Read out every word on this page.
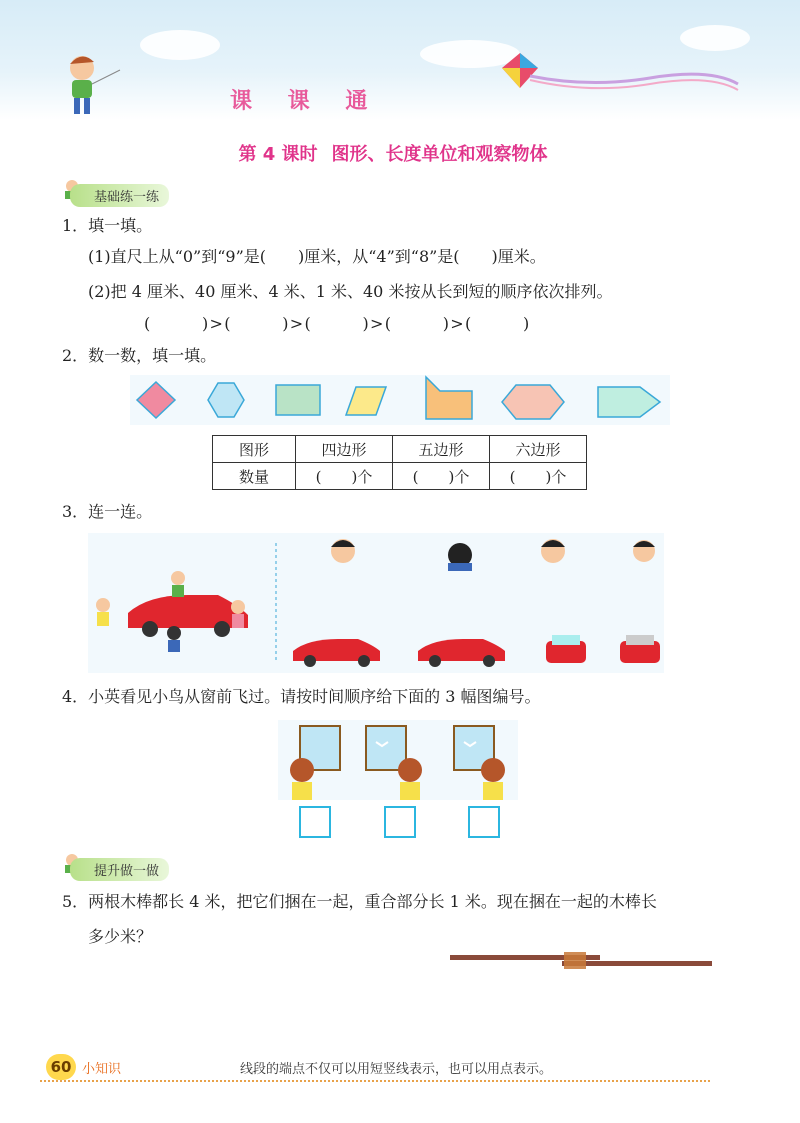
课 课 通
第 4 课时 图形、长度单位和观察物体
基础练一练
1．填一填。
(1)直尺上从“0”到“9”是(　　)厘米，从“4”到“8”是(　　)厘米。
(2)把 4 厘米、40 厘米、4 米、1 米、40 米按从长到短的顺序依次排列。
(	)>(	)>(	)>(	)>(	)
2．数一数，填一填。
图形	四边形	五边形	六边形
数量	(　　)个	(　　)个	(　　)个
3．连一连。
4．小英看见小鸟从窗前飞过。请按时间顺序给下面的 3 幅图编号。
提升做一做
5．两根木棒都长 4 米，把它们捆在一起，重合部分长 1 米。现在捆在一起的木棒长
多少米？
60 小知识	线段的端点不仅可以用短竖线表示，也可以用点表示。
